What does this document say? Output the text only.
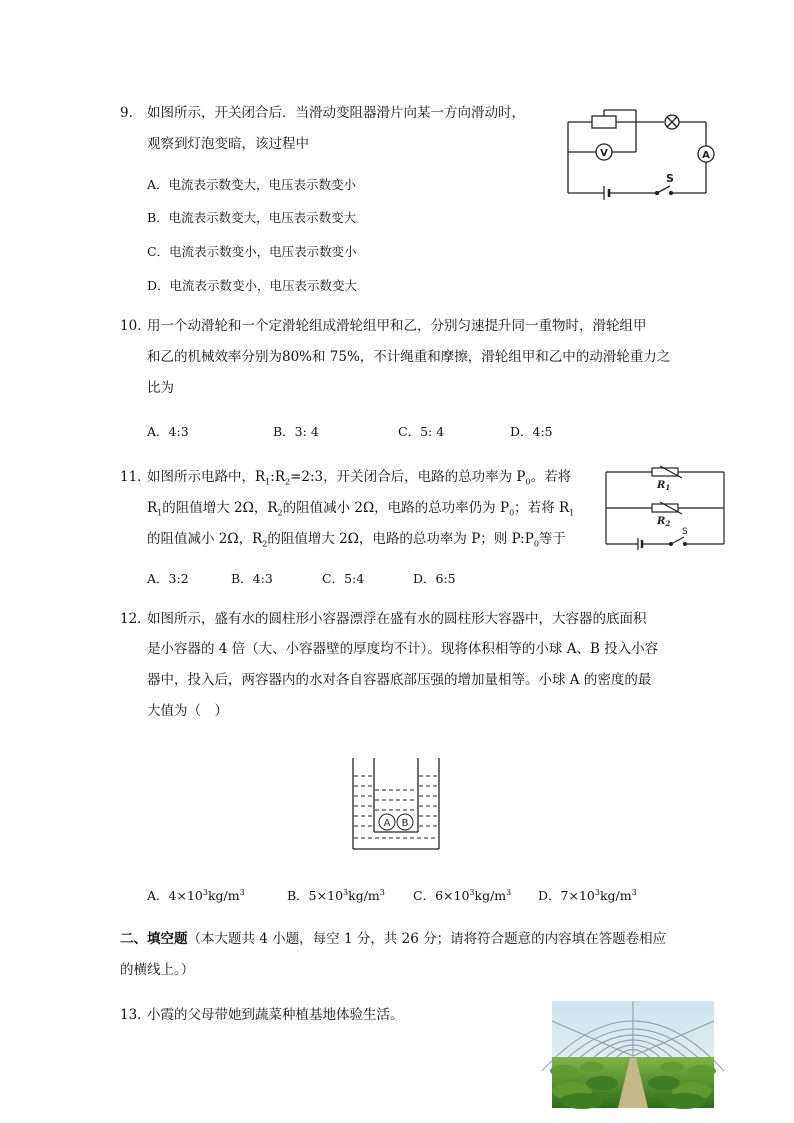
9． 如图所示，开关闭合后．当滑动变阻器滑片向某一方向滑动时，
观察到灯泡变暗，该过程中
A．电流表示数变大，电压表示数变小
B．电流表示数变大，电压表示数变大
C．电流表示数变小，电压表示数变小
D．电流表示数变小，电压表示数变大
V	A
S
10．
用一个动滑轮和一个定滑轮组成滑轮组甲和乙，分别匀速提升同一重物时，滑轮组甲
和乙的机械效率分别为80%和 75%，不计绳重和摩擦，滑轮组甲和乙中的动滑轮重力之
比为
A．4:3	B．3: 4	C．5: 4	D．4:5
11．
如图所示电路中，$R_1:R_2=2:3$，开关闭合后，电路的总功率为 $P_0$。若将
$R_1$的阻值增大 2Ω，$R_2$的阻值减小 2Ω，电路的总功率仍为 $P_0$；若将 $R_1$
的阻值减小 2Ω，$R_2$的阻值增大 2Ω，电路的总功率为 P；则 $P:P_0$等于
A．3:2	B．4:3	C．5:4	D．6:5
$R_1$
$R_2$
S
12．
如图所示，盛有水的圆柱形小容器漂浮在盛有水的圆柱形大容器中，大容器的底面积
是小容器的 4 倍（大、小容器壁的厚度均不计）。现将体积相等的小球 A、B 投入小容
器中，投入后，两容器内的水对各自容器底部压强的增加量相等。小球 A 的密度的最
大值为（　）
A B
A．$4\times 10^3kg/m^3$	B．$5\times 10^3kg/m^3$ C．$6\times 10^3kg/m^3$ D．$7\times 10^3kg/m^3$
二、填空题（本大题共 4 小题，每空 1 分，共 26 分；请将符合题意的内容填在答题卷相应
的横线上。）
13．
小霞的父母带她到蔬菜种植基地体验生活。
